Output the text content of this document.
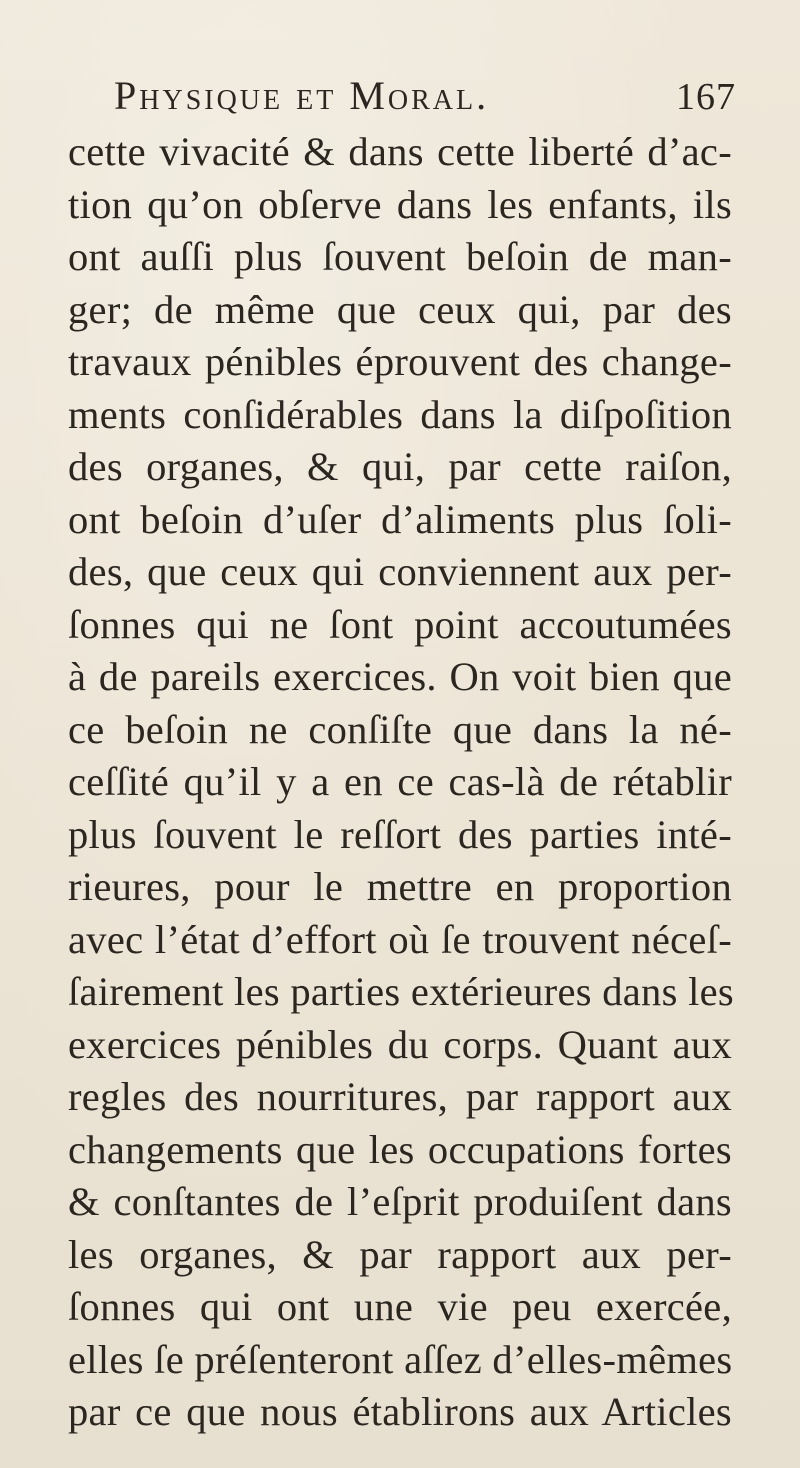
Physique et Moral.	167
cette vivacité & dans cette liberté d’ac-
tion qu’on obſerve dans les enfants, ils
ont auſſi plus ſouvent beſoin de man-
ger; de même que ceux qui, par des
travaux pénibles éprouvent des change-
ments conſidérables dans la diſpoſition
des organes, & qui, par cette raiſon,
ont beſoin d’uſer d’aliments plus ſoli-
des, que ceux qui conviennent aux per-
ſonnes qui ne ſont point accoutumées
à de pareils exercices. On voit bien que
ce beſoin ne conſiſte que dans la né-
ceſſité qu’il y a en ce cas-là de rétablir
plus ſouvent le reſſort des parties inté-
rieures, pour le mettre en proportion
avec l’état d’effort où ſe trouvent néceſ-
ſairement les parties extérieures dans les
exercices pénibles du corps. Quant aux
regles des nourritures, par rapport aux
changements que les occupations fortes
& conſtantes de l’eſprit produiſent dans
les organes, & par rapport aux per-
ſonnes qui ont une vie peu exercée,
elles ſe préſenteront aſſez d’elles-mêmes
par ce que nous établirons aux Articles
